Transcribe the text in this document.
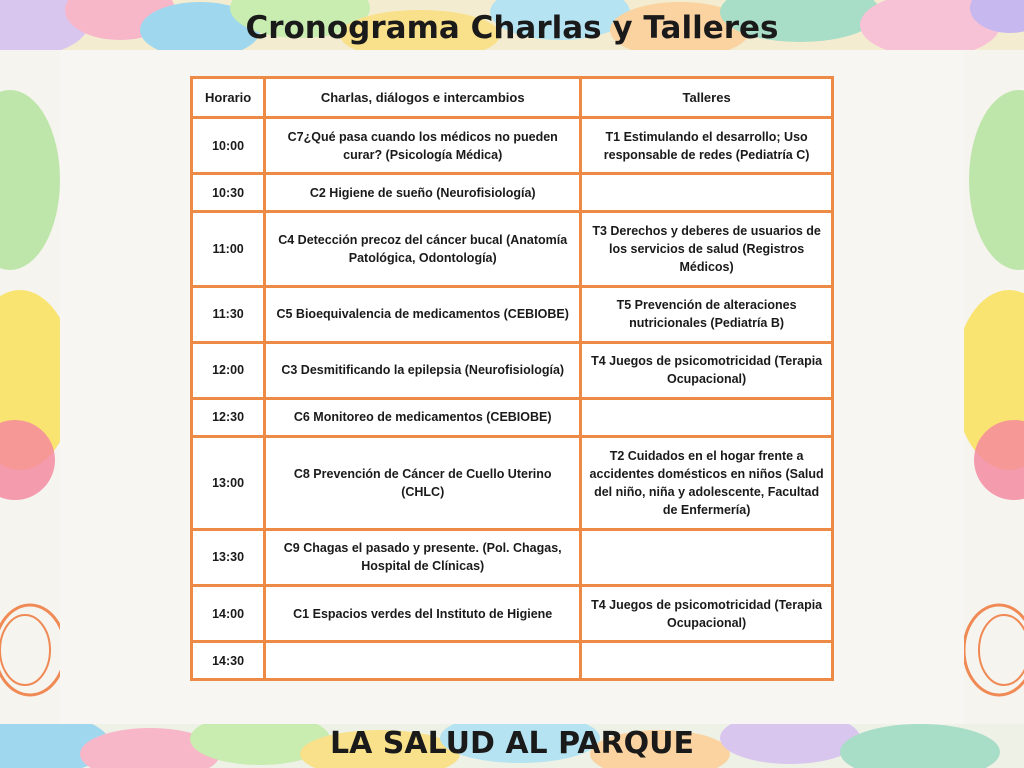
Cronograma Charlas y Talleres
Horario	Charlas, diálogos e intercambios	Talleres
10:00	C7¿Qué pasa cuando los médicos no pueden curar? (Psicología Médica)	T1 Estimulando el desarrollo; Uso responsable de redes (Pediatría C)
10:30	C2 Higiene de sueño (Neurofisiología)	
11:00	C4 Detección precoz del cáncer bucal (Anatomía Patológica, Odontología)	T3 Derechos y deberes de usuarios de los servicios de salud (Registros Médicos)
11:30	C5 Bioequivalencia de medicamentos (CEBIOBE)	T5 Prevención de alteraciones nutricionales (Pediatría B)
12:00	C3 Desmitificando la epilepsia (Neurofisiología)	T4 Juegos de psicomotricidad (Terapia Ocupacional)
12:30	C6 Monitoreo de medicamentos (CEBIOBE)	
13:00	C8 Prevención de Cáncer de Cuello Uterino (CHLC)	T2 Cuidados en el hogar frente a accidentes domésticos en niños (Salud del niño, niña y adolescente, Facultad de Enfermería)
13:30	C9 Chagas el pasado y presente. (Pol. Chagas, Hospital de Clínicas)	
14:00	C1 Espacios verdes del Instituto de Higiene	T4 Juegos de psicomotricidad (Terapia Ocupacional)
14:30		
LA SALUD AL PARQUE
